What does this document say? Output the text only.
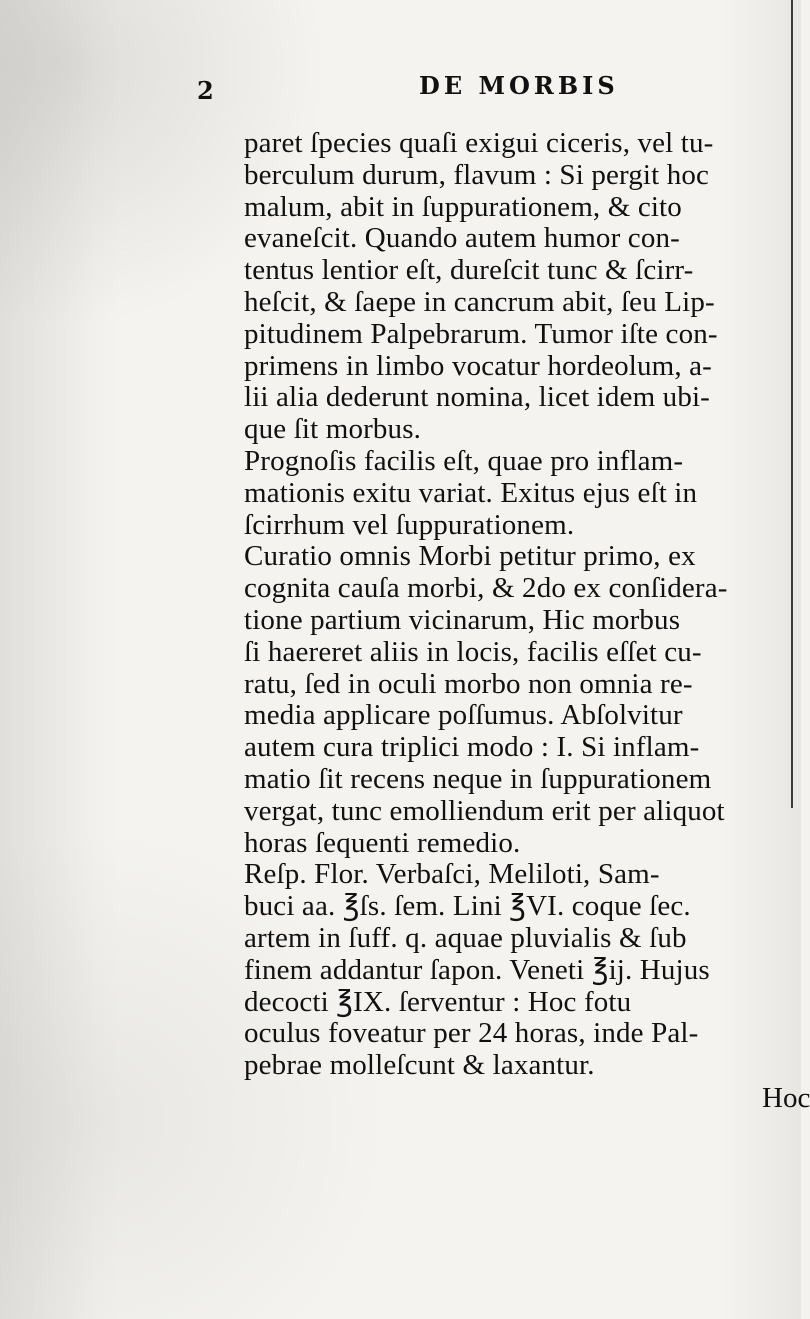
2	DE MORBIS
paret ſpecies quaſi exigui ciceris, vel tu-
berculum durum, flavum : Si pergit hoc
malum, abit in ſuppurationem, & cito
evaneſcit. Quando autem humor con-
tentus lentior eſt, dureſcit tunc & ſcirr-
heſcit, & ſaepe in cancrum abit, ſeu Lip-
pitudinem Palpebrarum. Tumor iſte con-
primens in limbo vocatur hordeolum, a-
lii alia dederunt nomina, licet idem ubi-
que ſit morbus.
Prognoſis facilis eſt, quae pro inflam-
mationis exitu variat. Exitus ejus eſt in
ſcirrhum vel ſuppurationem.
Curatio omnis Morbi petitur primo, ex
cognita cauſa morbi, & 2do ex conſidera-
tione partium vicinarum, Hic morbus
ſi haereret aliis in locis, facilis eſſet cu-
ratu, ſed in oculi morbo non omnia re-
media applicare poſſumus. Abſolvitur
autem cura triplici modo : I. Si inflam-
matio ſit recens neque in ſuppurationem
vergat, tunc emolliendum erit per aliquot
horas ſequenti remedio.
Reſp. Flor. Verbaſci, Meliloti, Sam-
buci aa. ℥ſs. ſem. Lini ℥VI. coque ſec.
artem in ſuff. q. aquae pluvialis & ſub
finem addantur ſapon. Veneti ℥ij. Hujus
decocti ℥IX. ſerventur : Hoc fotu
oculus foveatur per 24 horas, inde Pal-
pebrae molleſcunt & laxantur.
Hoc
